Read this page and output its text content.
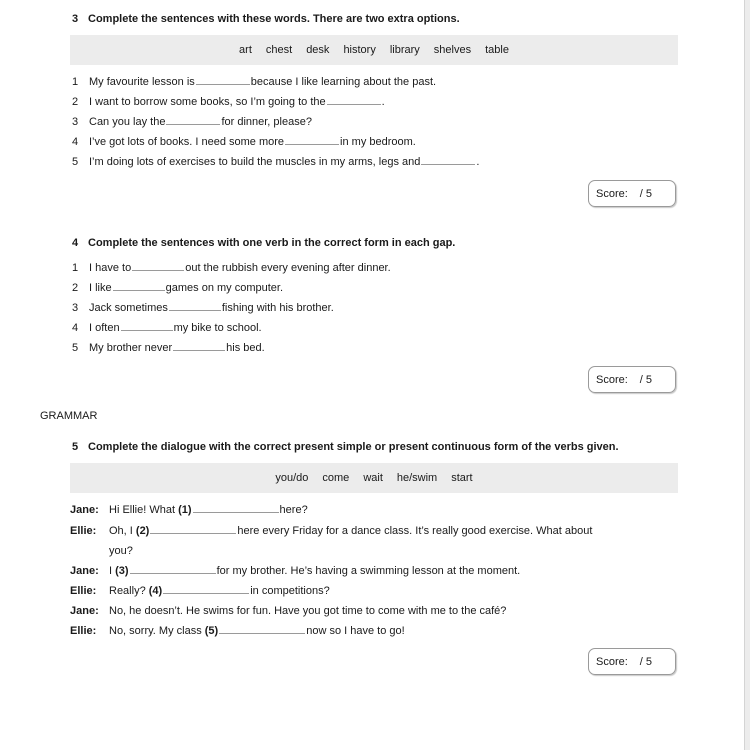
3 Complete the sentences with these words. There are two extra options.
art chest desk history library shelves table
1 My favourite lesson is	because I like learning about the past.
2 I want to borrow some books, so I’m going to the	.
3 Can you lay the	for dinner, please?
4 I’ve got lots of books. I need some more	in my bedroom.
5 I’m doing lots of exercises to build the muscles in my arms, legs and	.
Score: / 5
4 Complete the sentences with one verb in the correct form in each gap.
1 I have to	out the rubbish every evening after dinner.
2 I like	games on my computer.
3 Jack sometimes	fishing with his brother.
4 I often	my bike to school.
5 My brother never	his bed.
Score: / 5
GRAMMAR
5 Complete the dialogue with the correct present simple or present continuous form of the verbs given.
you/do come wait he/swim start
Jane: Hi Ellie! What (1)	here?
Ellie: Oh, I (2)	here every Friday for a dance class. It’s really good exercise. What about
you?
Jane: I (3)	for my brother. He’s having a swimming lesson at the moment.
Ellie: Really? (4)	in competitions?
Jane: No, he doesn’t. He swims for fun. Have you got time to come with me to the café?
Ellie: No, sorry. My class (5)	now so I have to go!
Score: / 5
